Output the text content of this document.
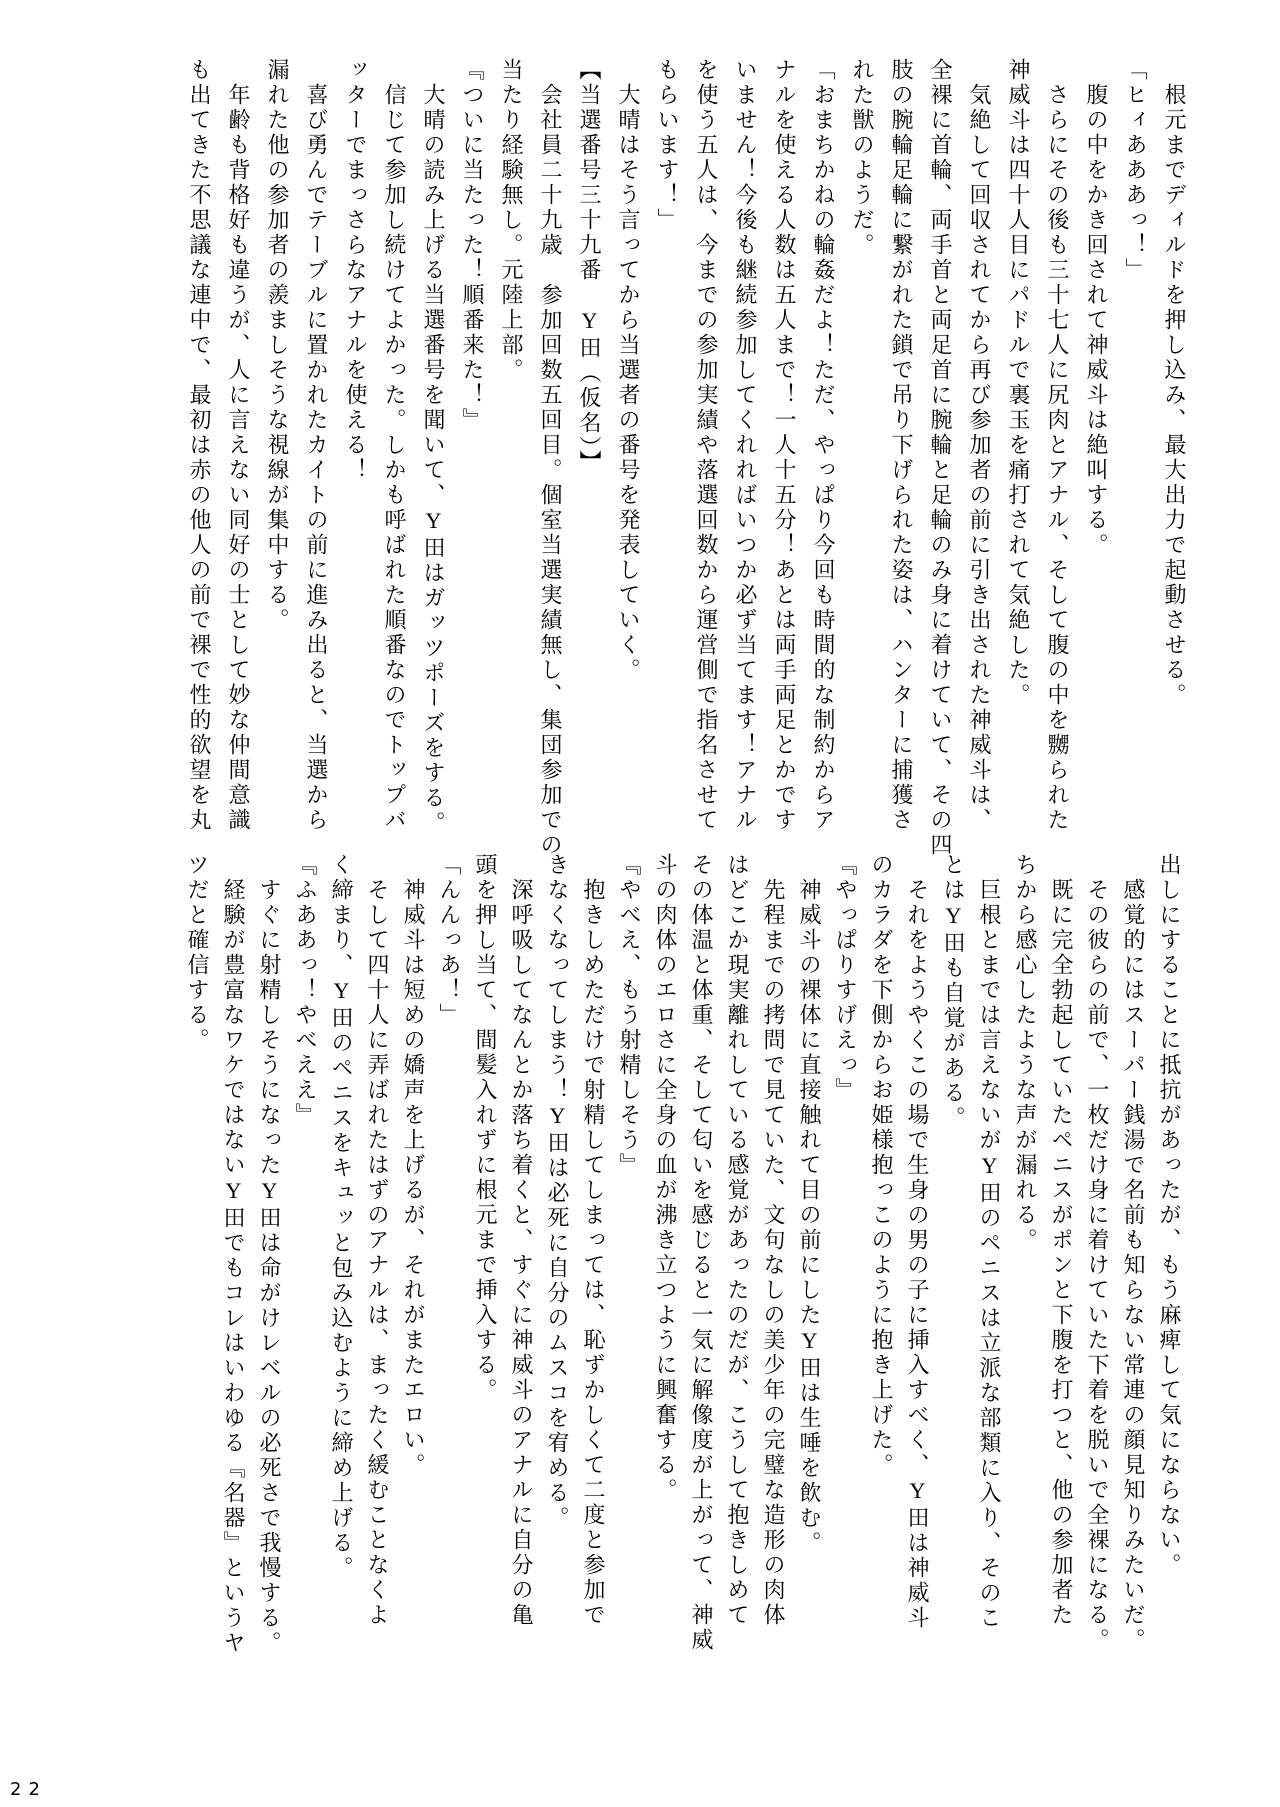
根元までディルドを押し込み、最大出力で起動させる。
「ヒィあああっ！」
腹の中をかき回されて神威斗は絶叫する。
さらにその後も三十七人に尻肉とアナル、そして腹の中を嬲られた
神威斗は四十人目にパドルで裏玉を痛打されて気絶した。
気絶して回収されてから再び参加者の前に引き出された神威斗は、
全裸に首輪、両手首と両足首に腕輪と足輪のみ身に着けていて、その四
肢の腕輪足輪に繋がれた鎖で吊り下げられた姿は、ハンターに捕獲さ
れた獣のようだ。
「おまちかねの輪姦だよ！ただ、やっぱり今回も時間的な制約からア
ナルを使える人数は五人まで！一人十五分！あとは両手両足とかです
いません！今後も継続参加してくれればいつか必ず当てます！アナル
を使う五人は、今までの参加実績や落選回数から運営側で指名させて
もらいます！」
大晴はそう言ってから当選者の番号を発表していく。
【当選番号三十九番　Y田（仮名）】
会社員二十九歳　参加回数五回目。個室当選実績無し、集団参加での
当たり経験無し。元陸上部。
『ついに当たった！順番来た！』
大晴の読み上げる当選番号を聞いて、Y田はガッツポーズをする。
信じて参加し続けてよかった。しかも呼ばれた順番なのでトップバ
ッターでまっさらなアナルを使える！
喜び勇んでテーブルに置かれたカイトの前に進み出ると、当選から
漏れた他の参加者の羨ましそうな視線が集中する。
年齢も背格好も違うが、人に言えない同好の士として妙な仲間意識
も出てきた不思議な連中で、最初は赤の他人の前で裸で性的欲望を丸
出しにすることに抵抗があったが、もう麻痺して気にならない。
感覚的にはスーパー銭湯で名前も知らない常連の顔見知りみたいだ。
その彼らの前で、一枚だけ身に着けていた下着を脱いで全裸になる。
既に完全勃起していたペニスがポンと下腹を打つと、他の参加者た
ちから感心したような声が漏れる。
巨根とまでは言えないがY田のペニスは立派な部類に入り、そのこ
とはY田も自覚がある。
それをようやくこの場で生身の男の子に挿入すべく、Y田は神威斗
のカラダを下側からお姫様抱っこのように抱き上げた。
『やっぱりすげえっ』
神威斗の裸体に直接触れて目の前にしたY田は生唾を飲む。
先程までの拷問で見ていた、文句なしの美少年の完璧な造形の肉体
はどこか現実離れしている感覚があったのだが、こうして抱きしめて
その体温と体重、そして匂いを感じると一気に解像度が上がって、神威
斗の肉体のエロさに全身の血が沸き立つように興奮する。
『やべえ、もう射精しそう』
抱きしめただけで射精してしまっては、恥ずかしくて二度と参加で
きなくなってしまう！Y田は必死に自分のムスコを宥める。
深呼吸してなんとか落ち着くと、すぐに神威斗のアナルに自分の亀
頭を押し当て、間髪入れずに根元まで挿入する。
「んんっあ！」
神威斗は短めの嬌声を上げるが、それがまたエロい。
そして四十人に弄ばれたはずのアナルは、まったく緩むことなくよ
く締まり、Y田のペニスをキュッと包み込むように締め上げる。
『ふああっ！やべええ』
すぐに射精しそうになったY田は命がけレベルの必死さで我慢する。
経験が豊富なワケではないY田でもコレはいわゆる『名器』というヤ
ツだと確信する。
22
